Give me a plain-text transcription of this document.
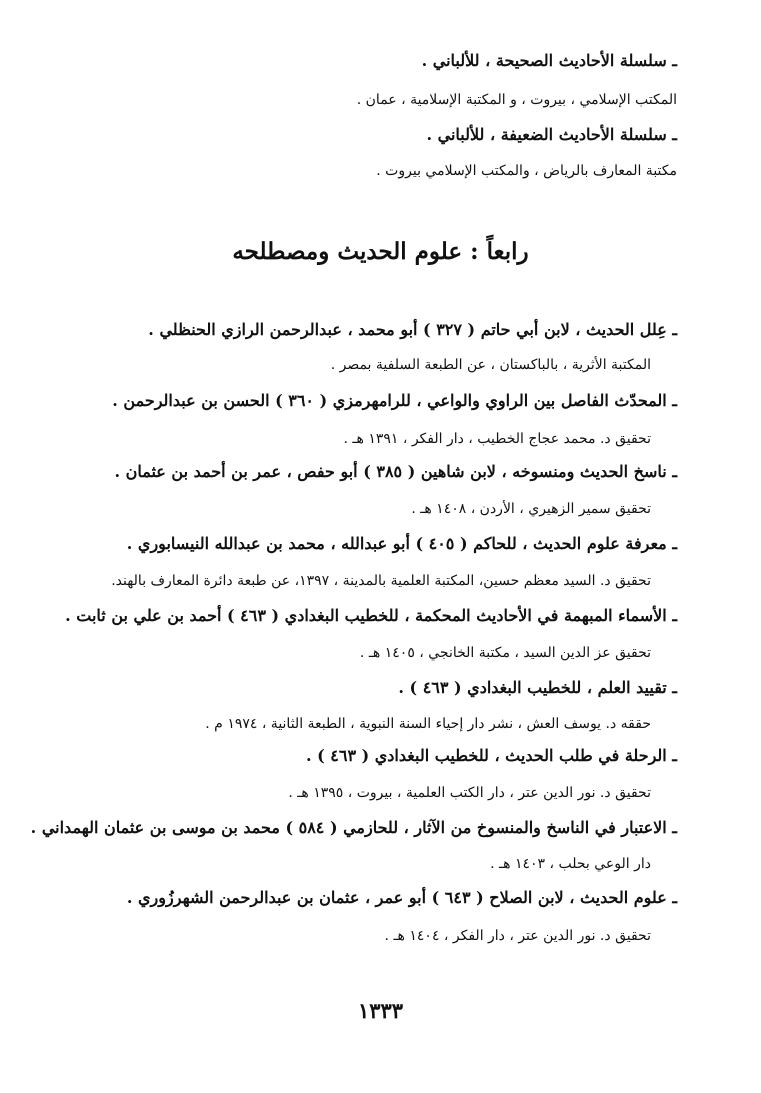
ـ سلسلة الأحاديث الصحيحة ، للألباني .
المكتب الإسلامي ، بيروت ، و المكتبة الإسلامية ، عمان .
ـ سلسلة الأحاديث الضعيفة ، للألباني .
مكتبة المعارف بالرياض ، والمكتب الإسلامي بيروت .
رابعاً : علوم الحديث ومصطلحه
ـ عِلل الحديث ، لابن أبي حاتم ( ٣٢٧ ) أبو محمد ، عبدالرحمن الرازي الحنظلي .
المكتبة الأثرية ، بالباكستان ، عن الطبعة السلفية بمصر .
ـ المحدّث الفاصل بين الراوي والواعي ، للرامهرمزي ( ٣٦٠ ) الحسن بن عبدالرحمن .
تحقيق د. محمد عجاج الخطيب ، دار الفكر ، ١٣٩١ هـ .
ـ ناسخ الحديث ومنسوخه ، لابن شاهين ( ٣٨٥ ) أبو حفص ، عمر بن أحمد بن عثمان .
تحقيق سمير الزهيري ، الأردن ، ١٤٠٨ هـ .
ـ معرفة علوم الحديث ، للحاكم ( ٤٠٥ ) أبو عبدالله ، محمد بن عبدالله النيسابوري .
تحقيق د. السيد معظم حسين، المكتبة العلمية بالمدينة ، ١٣٩٧، عن طبعة دائرة المعارف بالهند.
ـ الأسماء المبهمة في الأحاديث المحكمة ، للخطيب البغدادي ( ٤٦٣ ) أحمد بن علي بن ثابت .
تحقيق عز الدين السيد ، مكتبة الخانجي ، ١٤٠٥ هـ .
ـ تقييد العلم ، للخطيب البغدادي ( ٤٦٣ ) .
حققه د. يوسف العش ، نشر دار إحياء السنة النبوية ، الطبعة الثانية ، ١٩٧٤ م .
ـ الرحلة في طلب الحديث ، للخطيب البغدادي ( ٤٦٣ ) .
تحقيق د. نور الدين عتر ، دار الكتب العلمية ، بيروت ، ١٣٩٥ هـ .
ـ الاعتبار في الناسخ والمنسوخ من الآثار ، للحازمي ( ٥٨٤ ) محمد بن موسى بن عثمان الهمداني .
دار الوعي بحلب ، ١٤٠٣ هـ .
ـ علوم الحديث ، لابن الصلاح ( ٦٤٣ ) أبو عمر ، عثمان بن عبدالرحمن الشهرزُوري .
تحقيق د. نور الدين عتر ، دار الفكر ، ١٤٠٤ هـ .
١٣٣٣
